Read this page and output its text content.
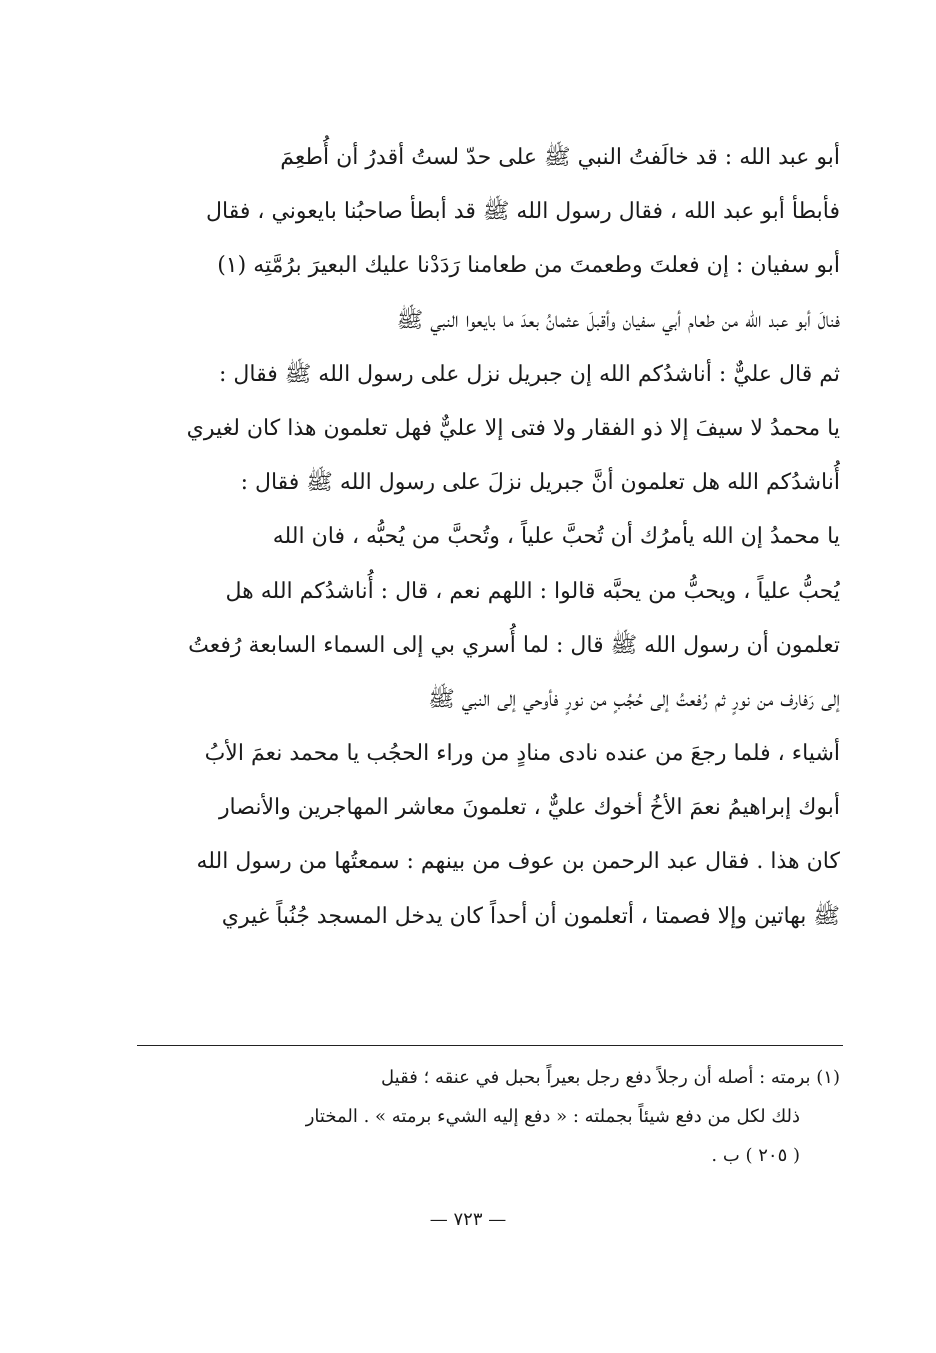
أبو عبد الله : قد خالَفتُ النبي ﷺ على حدّ لستُ أقدرُ أن أُطعِمَ
فأبطأ أبو عبد الله ، فقال رسول الله ﷺ قد أبطأ صاحبُنا بايعوني ، فقال
أبو سفيان : إن فعلتَ وطعمتَ من طعامنا رَدَدْنا عليك البعيرَ برُمَّتِه (١)
فنالَ أبو عبد الله من طعام أبي سفيان وأقبلَ عثمانُ بعدَ ما بايعوا النبي ﷺ
ثم قال عليٌّ : أناشدُكم الله إن جبريل نزل على رسول الله ﷺ فقال :
يا محمدُ لا سيفَ إلا ذو الفقار ولا فتى إلا عليٌّ فهل تعلمون هذا كان لغيري
أُناشدُكم الله هل تعلمون أنَّ جبريل نزلَ على رسول الله ﷺ فقال :
يا محمدُ إن الله يأمرُك أن تُحبَّ علياً ، وتُحبَّ من يُحبُّه ، فان الله
يُحبُّ علياً ، ويحبُّ من يحبَّه قالوا : اللهم نعم ، قال : أُناشدُكم الله هل
تعلمون أن رسول الله ﷺ قال : لما أُسري بي إلى السماء السابعة رُفعتُ
إلى رَفارف من نورٍ ثم رُفعتُ إلى حُجُبٍ من نورٍ فأوحي إلى النبي ﷺ
أشياء ، فلما رجعَ من عنده نادى منادٍ من وراء الحجُب يا محمد نعمَ الأبُ
أبوك إبراهيمُ نعمَ الأخُ أخوك عليٌّ ، تعلمونَ معاشر المهاجرين والأنصار
كان هذا . فقال عبد الرحمن بن عوف من بينهم : سمعتُها من رسول الله
ﷺ بهاتين وإلا فصمتا ، أتعلمون أن أحداً كان يدخل المسجد جُنُباً غيري
(١) برمته : أصله أن رجلاً دفع رجل بعيراً بحبل في عنقه ؛ فقيل
ذلك لكل من دفع شيئاً بجملته : « دفع إليه الشيء برمته » . المختار
( ٢٠٥ ) ب .
— ٧٢٣ —
